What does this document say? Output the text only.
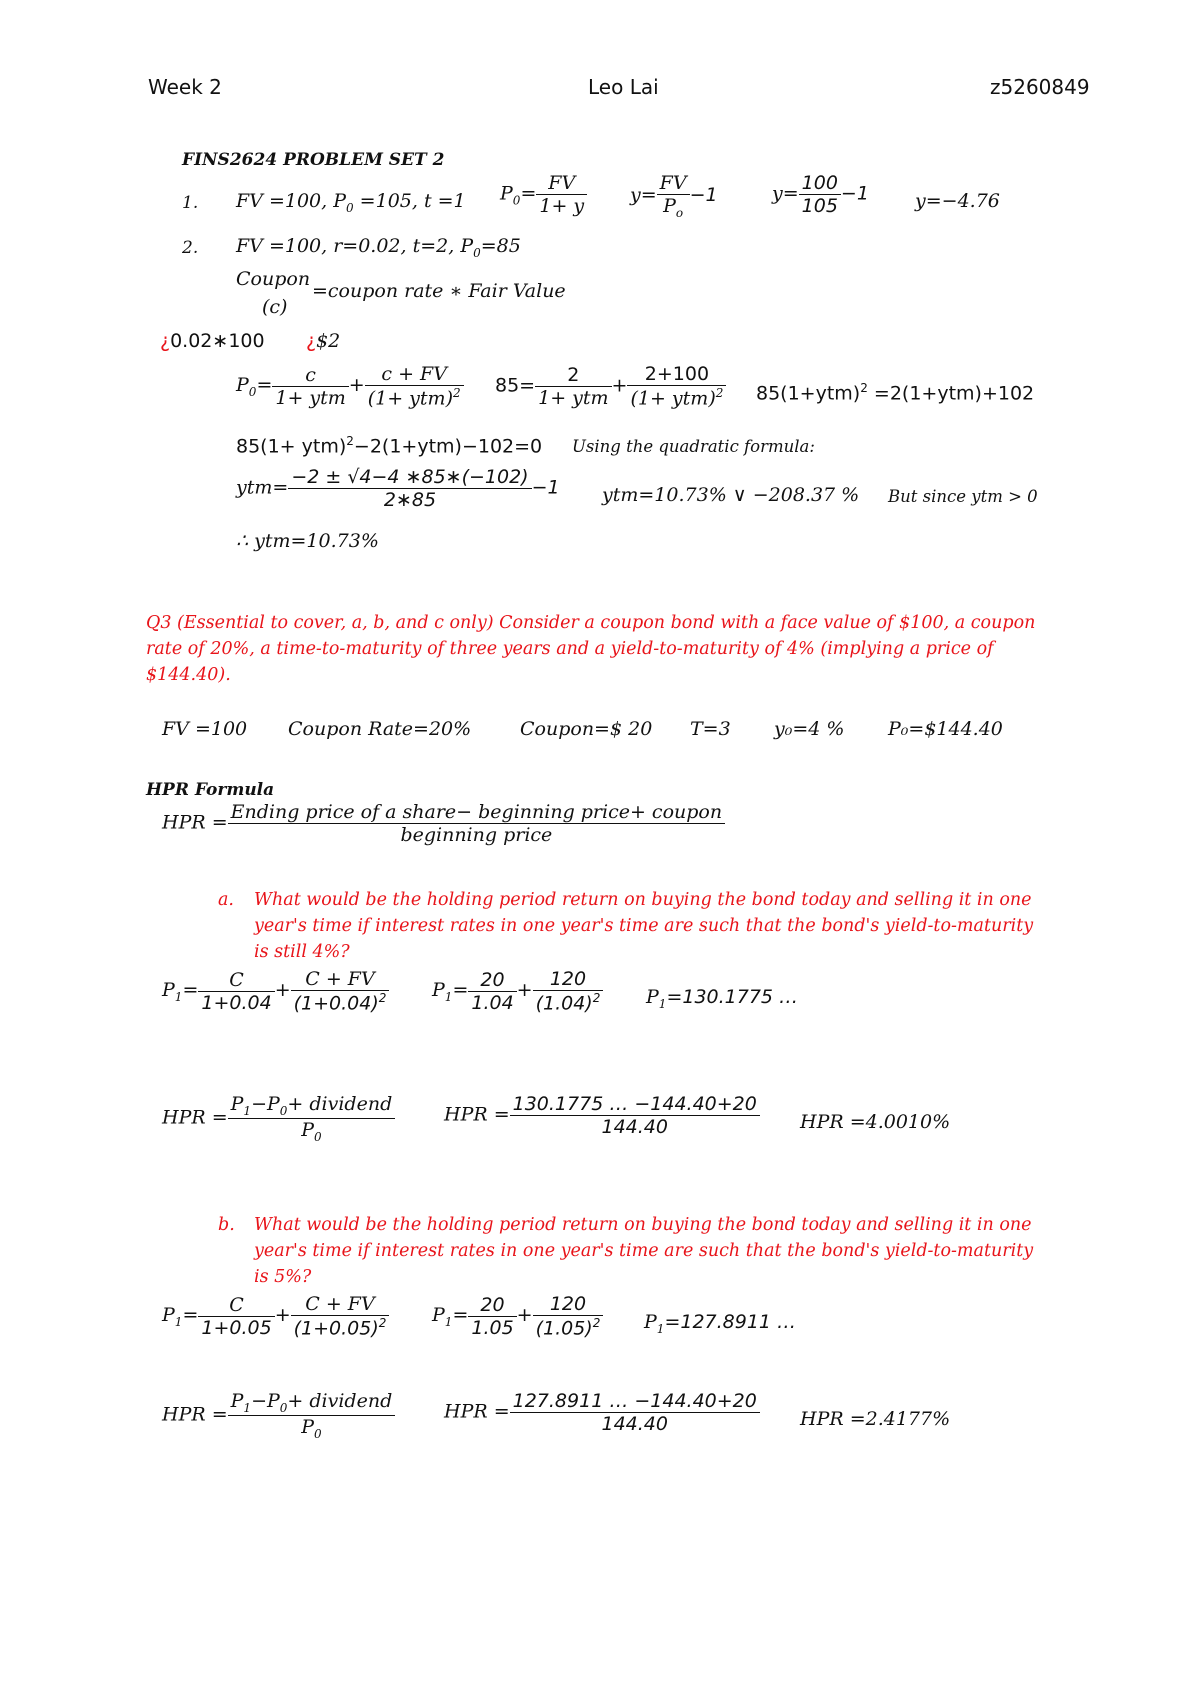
Week 2	Leo Lai	z5260849
FINS2624 PROBLEM SET 2
1. FV =100, $P_0 =105$, t =1 $P_0= \frac{FV}{1+ y} y= \frac{FV}{P_o} -1$	$y= \frac{100}{105} -1$ y=−4.76
2. FV =100, r=0.02, t=2, $P_0=85$
Coupon
(c)
=coupon rate ∗ Fair Value
¿0.02∗100 ¿$2
$P_0= \frac{c}{\text{1+ ytm}} + \frac{c + FV}{(1+ ytm)^2} 85= \frac{2}{\text{1+ ytm}} + \frac{2+100}{(1+ ytm)^2} 85(1+ytm)^2 =2(1+ytm)+102$
85(1+ ytm)$^2$−2(1+ytm)−102=0 Using the quadratic formula:
$ytm= \frac{-2 \pm √4-4 ∗85∗(-102)}{2∗85} -1$ ytm=10.73% ∨ −208.37 % But since ytm > 0
∴ ytm=10.73%
Q3 (Essential to cover, a, b, and c only) Consider a coupon bond with a face value of $100, a coupon rate of 20%, a time-to-maturity of three years and a yield-to-maturity of 4% (implying a price of $144.40).
FV =100 Coupon Rate=20%	Coupon=$ 20 T=3 y₀=4 % P₀=$144.40
HPR Formula
HPR = $\frac{\text{Ending price of a share− beginning price+ coupon}}{\text{beginning price}}$
a. What would be the holding period return on buying the bond today and selling it in one year's time if interest rates in one year's time are such that the bond's yield-to-maturity is still 4%?
$P_1= \frac{C}{1+0.04} + \frac{C + FV}{(1+0.04)^2} P_1= \frac{20}{1.04} + \frac{120}{(1.04)^2} P_1=130.1775$ …
HPR = $\frac{P_1-P_0+ dividend}{P_0}$	HPR = $\frac{130.1775 \dots -144.40+20}{144.40}$ HPR =4.0010%
b. What would be the holding period return on buying the bond today and selling it in one year's time if interest rates in one year's time are such that the bond's yield-to-maturity is 5%?
$P_1= \frac{C}{1+0.05} + \frac{C + FV}{(1+0.05)^2} P_1= \frac{20}{1.05} + \frac{120}{(1.05)^2} P_1=127.8911$ …
HPR = $\frac{P_1-P_0+ dividend}{P_0}$	HPR = $\frac{127.8911 \dots -144.40+20}{144.40}$ HPR =2.4177%
